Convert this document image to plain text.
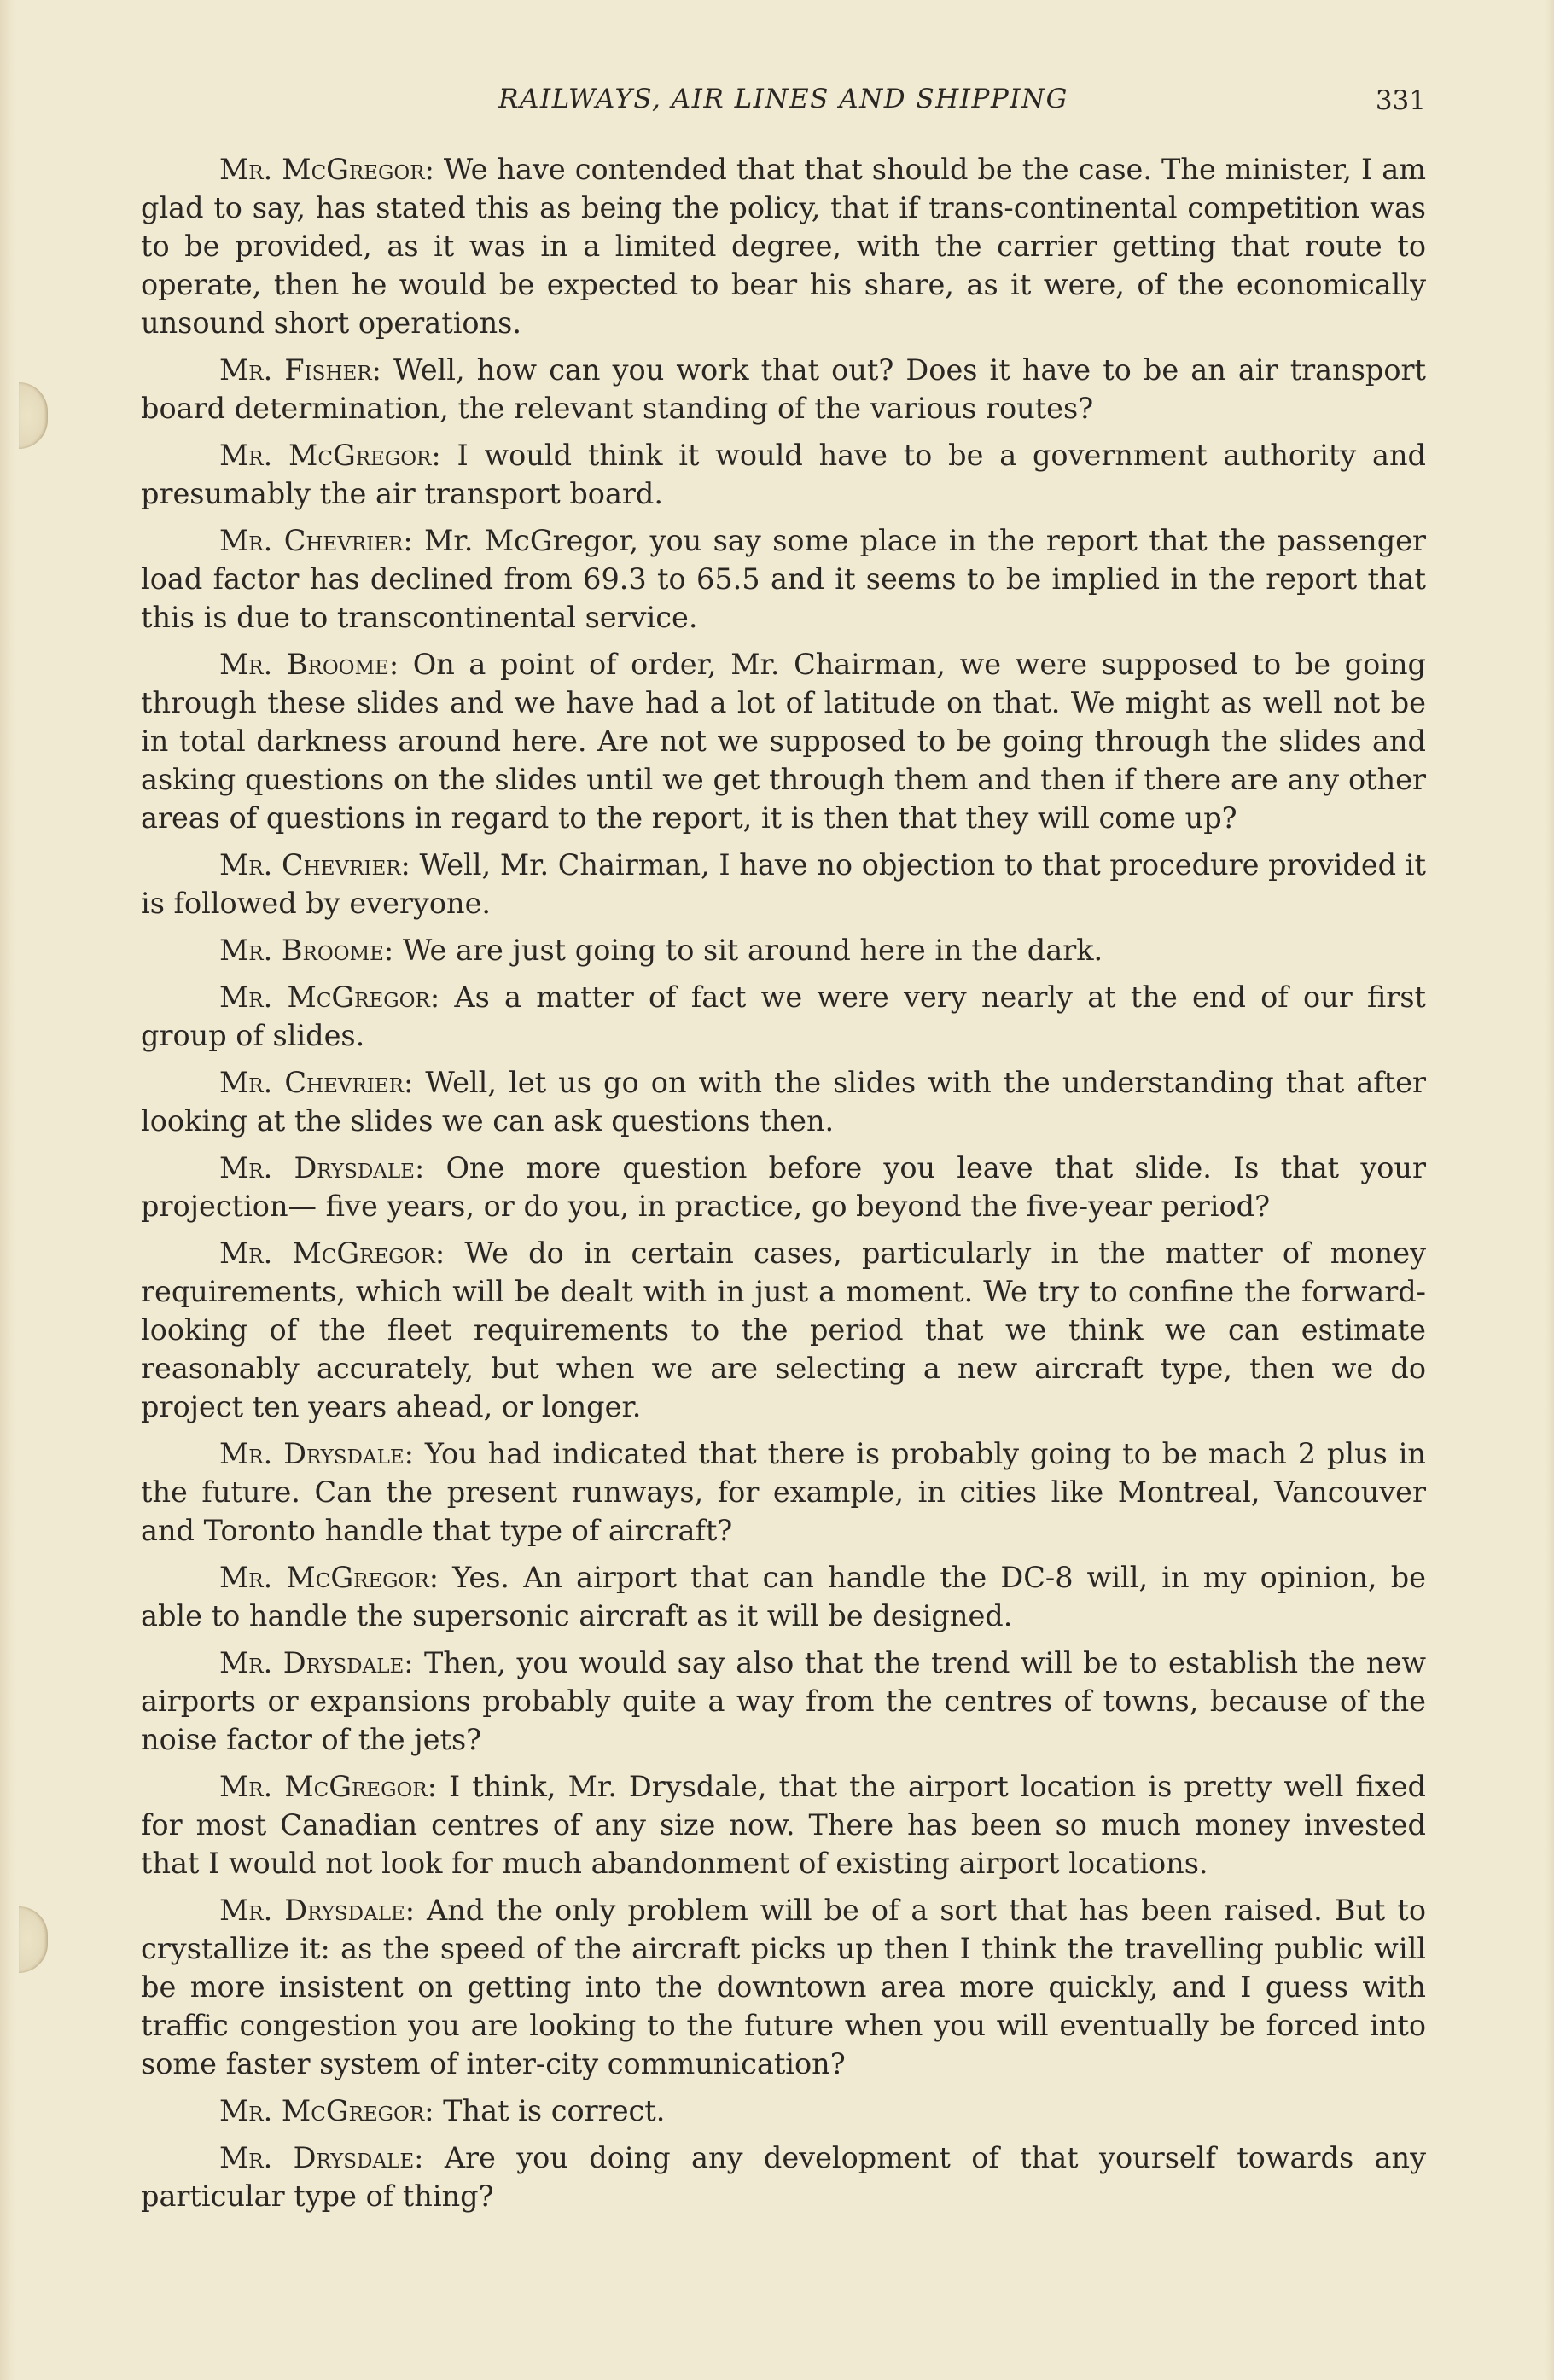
RAILWAYS, AIR LINES AND SHIPPING	331

Mr. McGregor: We have contended that that should be the case. The minister, I am glad to say, has stated this as being the policy, that if trans-continental competition was to be provided, as it was in a limited degree, with the carrier getting that route to operate, then he would be expected to bear his share, as it were, of the economically unsound short operations.

Mr. Fisher: Well, how can you work that out? Does it have to be an air transport board determination, the relevant standing of the various routes?

Mr. McGregor: I would think it would have to be a government authority and presumably the air transport board.

Mr. Chevrier: Mr. McGregor, you say some place in the report that the passenger load factor has declined from 69.3 to 65.5 and it seems to be implied in the report that this is due to transcontinental service.

Mr. Broome: On a point of order, Mr. Chairman, we were supposed to be going through these slides and we have had a lot of latitude on that. We might as well not be in total darkness around here. Are not we supposed to be going through the slides and asking questions on the slides until we get through them and then if there are any other areas of questions in regard to the report, it is then that they will come up?

Mr. Chevrier: Well, Mr. Chairman, I have no objection to that procedure provided it is followed by everyone.

Mr. Broome: We are just going to sit around here in the dark.

Mr. McGregor: As a matter of fact we were very nearly at the end of our first group of slides.

Mr. Chevrier: Well, let us go on with the slides with the understanding that after looking at the slides we can ask questions then.

Mr. Drysdale: One more question before you leave that slide. Is that your projection— five years, or do you, in practice, go beyond the five-year period?

Mr. McGregor: We do in certain cases, particularly in the matter of money requirements, which will be dealt with in just a moment. We try to confine the forward-looking of the fleet requirements to the period that we think we can estimate reasonably accurately, but when we are selecting a new aircraft type, then we do project ten years ahead, or longer.

Mr. Drysdale: You had indicated that there is probably going to be mach 2 plus in the future. Can the present runways, for example, in cities like Montreal, Vancouver and Toronto handle that type of aircraft?

Mr. McGregor: Yes. An airport that can handle the DC-8 will, in my opinion, be able to handle the supersonic aircraft as it will be designed.

Mr. Drysdale: Then, you would say also that the trend will be to establish the new airports or expansions probably quite a way from the centres of towns, because of the noise factor of the jets?

Mr. McGregor: I think, Mr. Drysdale, that the airport location is pretty well fixed for most Canadian centres of any size now. There has been so much money invested that I would not look for much abandonment of existing airport locations.

Mr. Drysdale: And the only problem will be of a sort that has been raised. But to crystallize it: as the speed of the aircraft picks up then I think the travelling public will be more insistent on getting into the downtown area more quickly, and I guess with traffic congestion you are looking to the future when you will eventually be forced into some faster system of inter-city communication?

Mr. McGregor: That is correct.

Mr. Drysdale: Are you doing any development of that yourself towards any particular type of thing?
